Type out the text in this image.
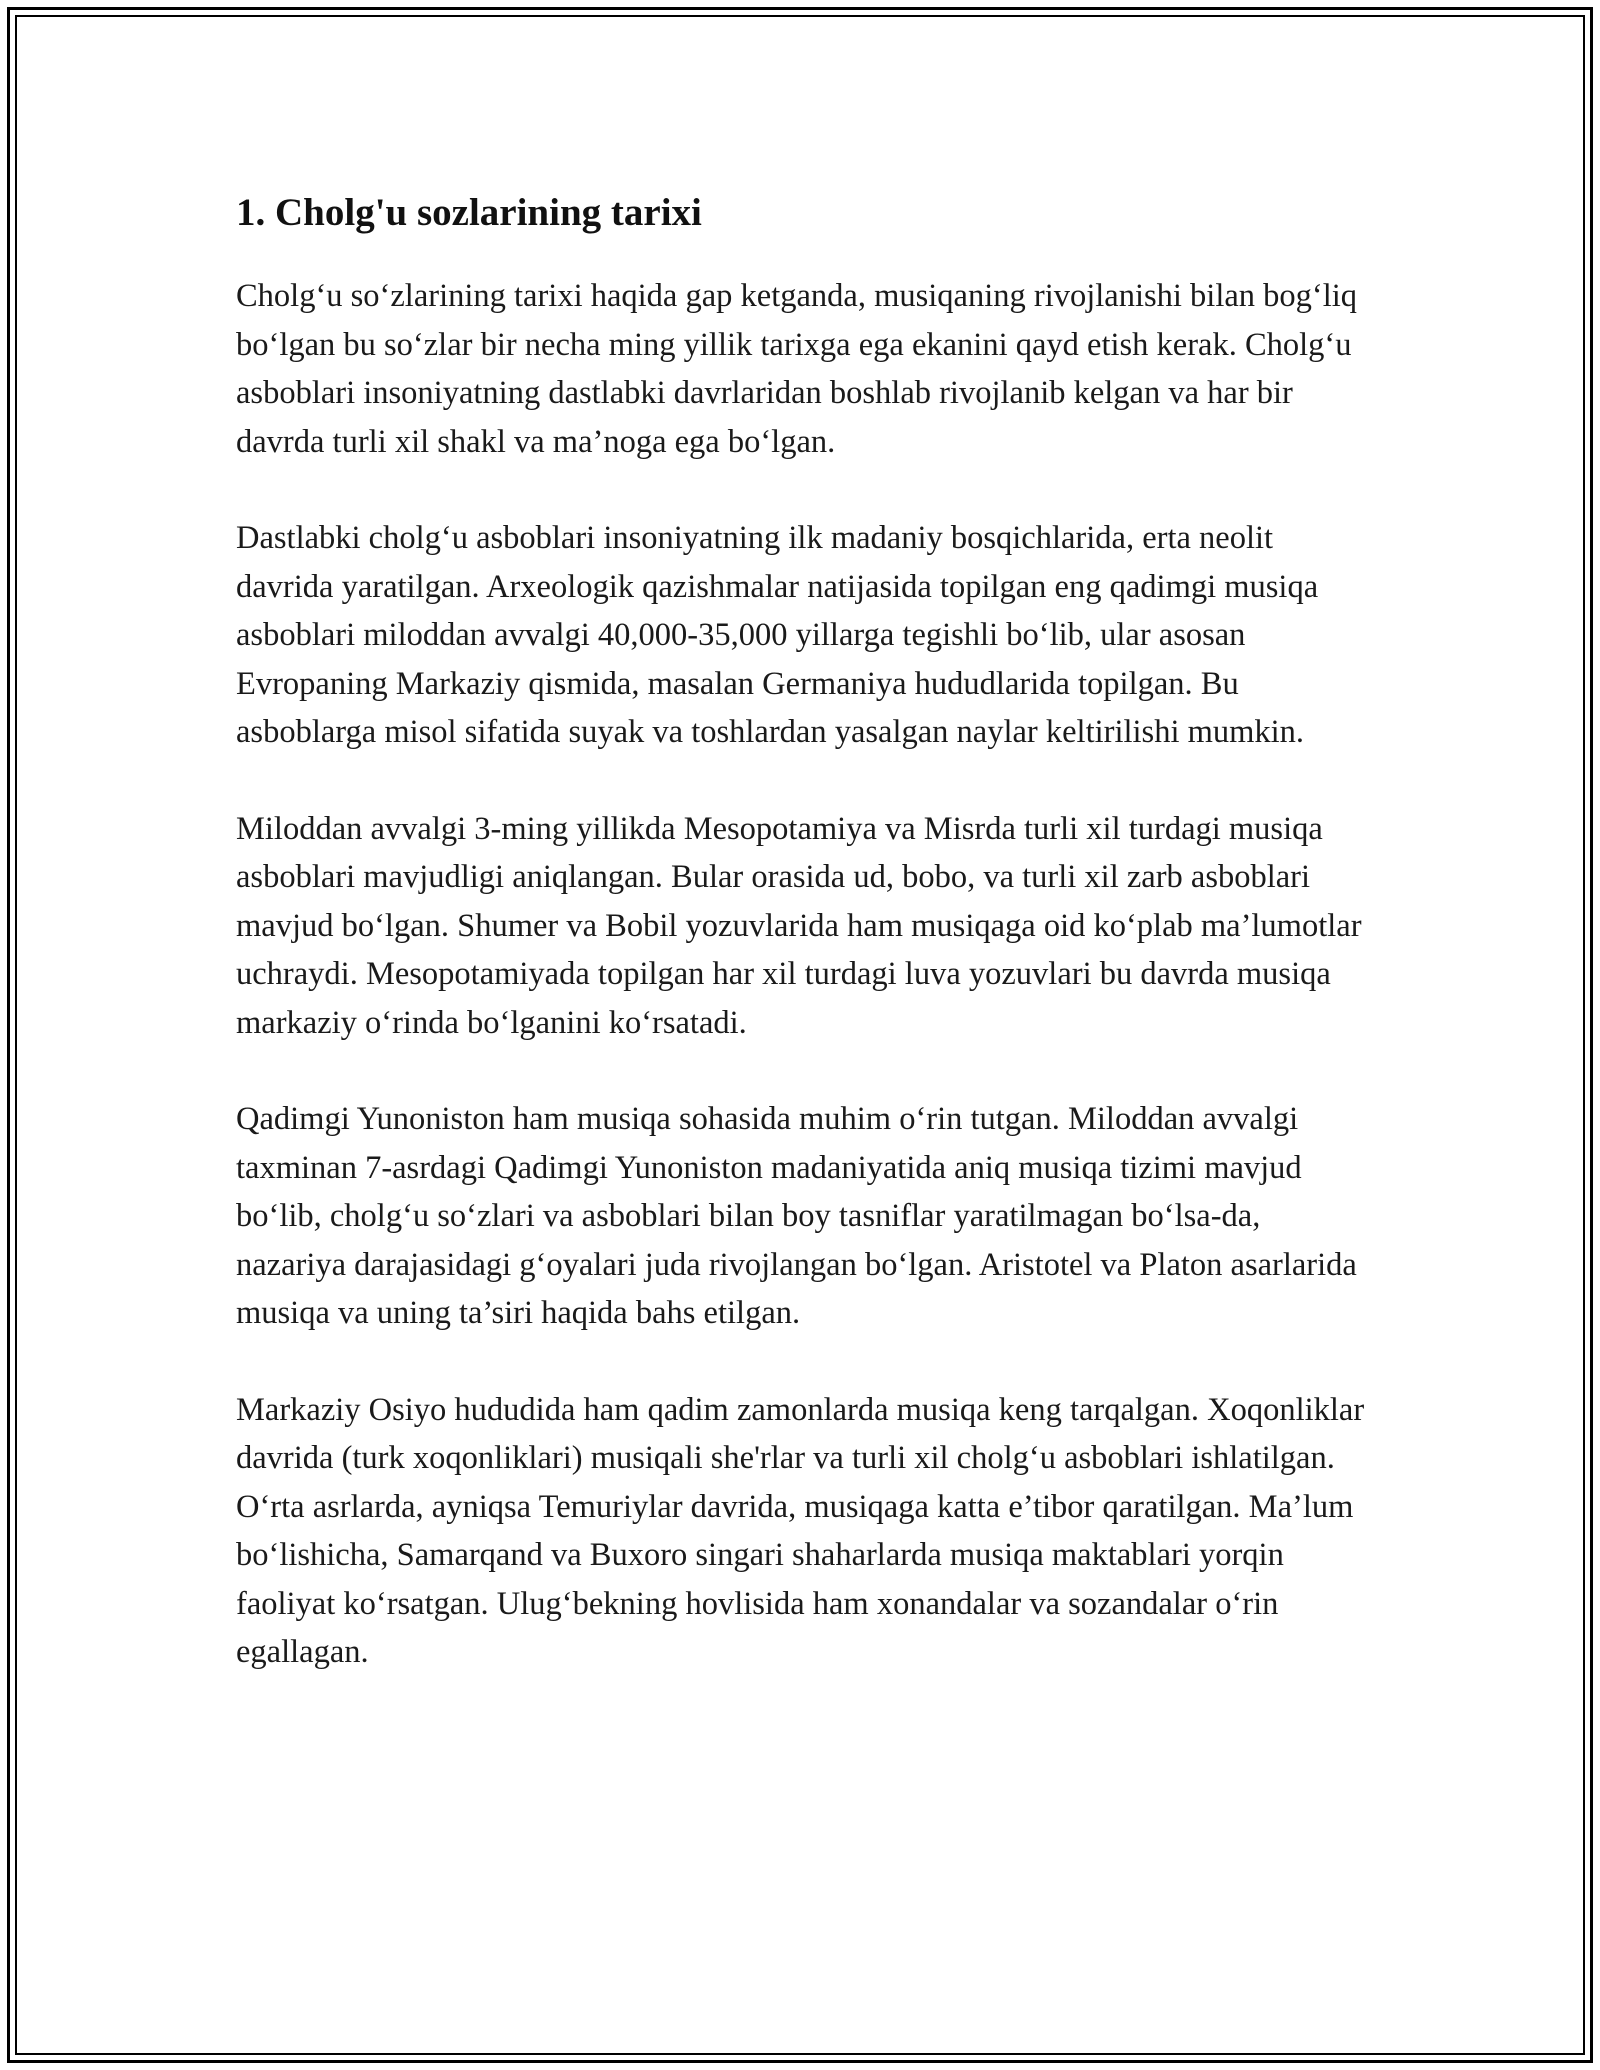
1. Cholg'u sozlarining tarixi

Cholg‘u so‘zlarining tarixi haqida gap ketganda, musiqaning rivojlanishi bilan bog‘liq bo‘lgan bu so‘zlar bir necha ming yillik tarixga ega ekanini qayd etish kerak. Cholg‘u asboblari insoniyatning dastlabki davrlaridan boshlab rivojlanib kelgan va har bir davrda turli xil shakl va ma’noga ega bo‘lgan.

Dastlabki cholg‘u asboblari insoniyatning ilk madaniy bosqichlarida, erta neolit davrida yaratilgan. Arxeologik qazishmalar natijasida topilgan eng qadimgi musiqa asboblari miloddan avvalgi 40,000-35,000 yillarga tegishli bo‘lib, ular asosan Evropaning Markaziy qismida, masalan Germaniya hududlarida topilgan. Bu asboblarga misol sifatida suyak va toshlardan yasalgan naylar keltirilishi mumkin.

Miloddan avvalgi 3-ming yillikda Mesopotamiya va Misrda turli xil turdagi musiqa asboblari mavjudligi aniqlangan. Bular orasida ud, bobo, va turli xil zarb asboblari mavjud bo‘lgan. Shumer va Bobil yozuvlarida ham musiqaga oid ko‘plab ma’lumotlar uchraydi. Mesopotamiyada topilgan har xil turdagi luva yozuvlari bu davrda musiqa markaziy o‘rinda bo‘lganini ko‘rsatadi.

Qadimgi Yunoniston ham musiqa sohasida muhim o‘rin tutgan. Miloddan avvalgi taxminan 7-asrdagi Qadimgi Yunoniston madaniyatida aniq musiqa tizimi mavjud bo‘lib, cholg‘u so‘zlari va asboblari bilan boy tasniflar yaratilmagan bo‘lsa-da, nazariya darajasidagi g‘oyalari juda rivojlangan bo‘lgan. Aristotel va Platon asarlarida musiqa va uning ta’siri haqida bahs etilgan.

Markaziy Osiyo hududida ham qadim zamonlarda musiqa keng tarqalgan. Xoqonliklar davrida (turk xoqonliklari) musiqali she'rlar va turli xil cholg‘u asboblari ishlatilgan. O‘rta asrlarda, ayniqsa Temuriylar davrida, musiqaga katta e’tibor qaratilgan. Ma’lum bo‘lishicha, Samarqand va Buxoro singari shaharlarda musiqa maktablari yorqin faoliyat ko‘rsatgan. Ulug‘bekning hovlisida ham xonandalar va sozandalar o‘rin egallagan.
